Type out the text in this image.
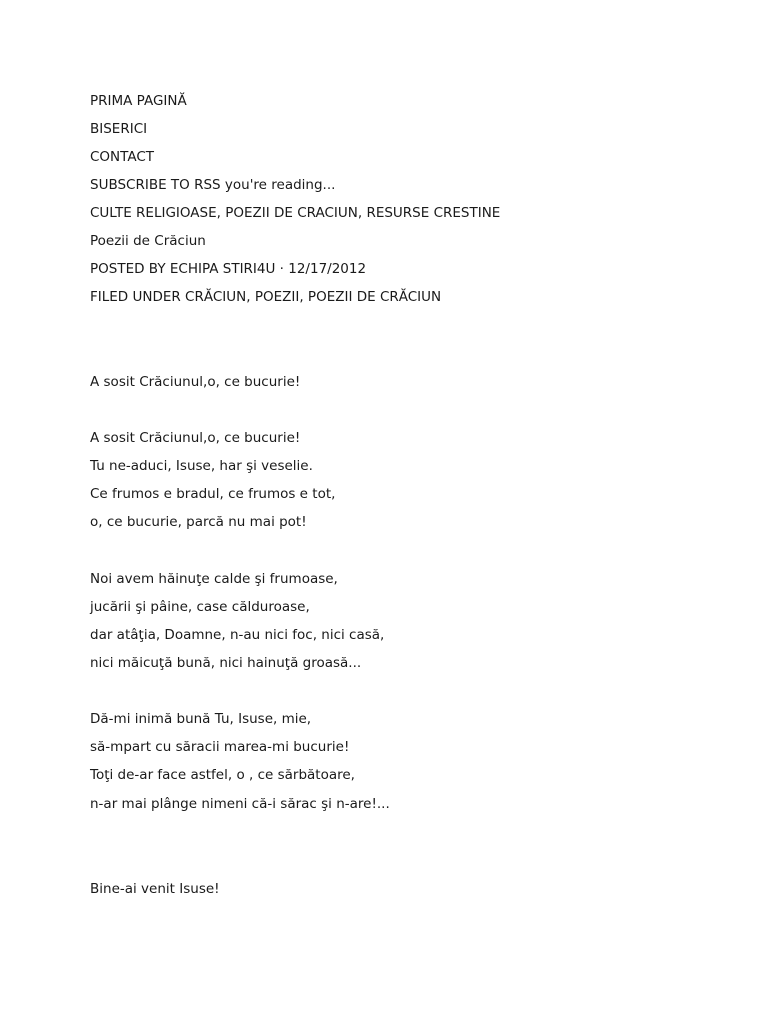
PRIMA PAGINĂ
BISERICI
CONTACT
SUBSCRIBE TO RSS you're reading...
CULTE RELIGIOASE, POEZII DE CRACIUN, RESURSE CRESTINE
Poezii de Crăciun
POSTED BY ECHIPA STIRI4U · 12/17/2012
FILED UNDER CRĂCIUN, POEZII, POEZII DE CRĂCIUN
A sosit Crăciunul,o, ce bucurie!
A sosit Crăciunul,o, ce bucurie!
Tu ne-aduci, Isuse, har şi veselie.
Ce frumos e bradul, ce frumos e tot,
o, ce bucurie, parcă nu mai pot!
Noi avem hăinuţe calde şi frumoase,
jucării şi pâine, case călduroase,
dar atâţia, Doamne, n-au nici foc, nici casă,
nici măicuţă bună, nici hainuţă groasă...
Dă-mi inimă bună Tu, Isuse, mie,
să-mpart cu săracii marea-mi bucurie!
Toţi de-ar face astfel, o , ce sărbătoare,
n-ar mai plânge nimeni că-i sărac şi n-are!...
Bine-ai venit Isuse!
